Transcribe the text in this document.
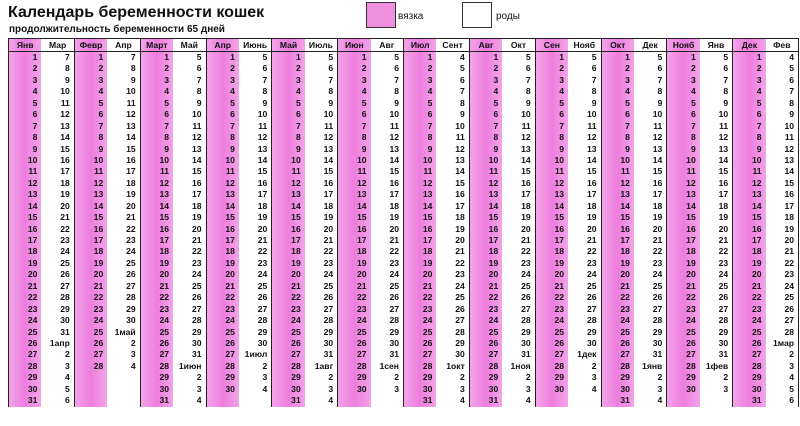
Календарь беременности кошек
продолжительность беременности 65 дней
вязка	роды
Янв
1
2
3
4
5
6
7
8
9
10
11
12
13
14
15
16
17
18
19
20
21
22
23
24
25
26
27
28
29
30
31
Мар
7
8
9
10
11
12
13
14
15
16
17
18
19
20
21
22
23
24
25
26
27
28
29
30
31
1апр
2
3
4
5
6
Февр
1
2
3
4
5
6
7
8
9
10
11
12
13
14
15
16
17
18
19
20
21
22
23
24
25
26
27
28
Апр
7
8
9
10
11
12
13
14
15
16
17
18
19
20
21
22
23
24
25
26
27
28
29
30
1май
2
3
4
Март
1
2
3
4
5
6
7
8
9
10
11
12
13
14
15
16
17
18
19
20
21
22
23
24
25
26
27
28
29
30
31
Май
5
6
7
8
9
10
11
12
13
14
15
16
17
18
19
20
21
22
23
24
25
26
27
28
29
30
31
1июн
2
3
4
Апр
1
2
3
4
5
6
7
8
9
10
11
12
13
14
15
16
17
18
19
20
21
22
23
24
25
26
27
28
29
30
Июнь
5
6
7
8
9
10
11
12
13
14
15
16
17
18
19
20
21
22
23
24
25
26
27
28
29
30
1июл
2
3
4
Май
1
2
3
4
5
6
7
8
9
10
11
12
13
14
15
16
17
18
19
20
21
22
23
24
25
26
27
28
29
30
31
Июль
5
6
7
8
9
10
11
12
13
14
15
16
17
18
19
20
21
22
23
24
25
26
27
28
29
30
31
1авг
2
3
4
Июн
1
2
3
4
5
6
7
8
9
10
11
12
13
14
15
16
17
18
19
20
21
22
23
24
25
26
27
28
29
30
Авг
5
6
7
8
9
10
11
12
13
14
15
16
17
18
19
20
21
22
23
24
25
26
27
28
29
30
31
1сен
2
3
Июл
1
2
3
4
5
6
7
8
9
10
11
12
13
14
15
16
17
18
19
20
21
22
23
24
25
26
27
28
29
30
31
Сент
4
5
6
7
8
9
10
11
12
13
14
15
16
17
18
19
20
21
22
23
24
25
26
27
28
29
30
1окт
2
3
4
Авг
1
2
3
4
5
6
7
8
9
10
11
12
13
14
15
16
17
18
19
20
21
22
23
24
25
26
27
28
29
30
31
Окт
5
6
7
8
9
10
11
12
13
14
15
16
17
18
19
20
21
22
23
24
25
26
27
28
29
30
31
1ноя
2
3
4
Сен
1
2
3
4
5
6
7
8
9
10
11
12
13
14
15
16
17
18
19
20
21
22
23
24
25
26
27
28
29
30
Нояб
5
6
7
8
9
10
11
12
13
14
15
16
17
18
19
20
21
22
23
24
25
26
27
28
29
30
1дек
2
3
4
Окт
1
2
3
4
5
6
7
8
9
10
11
12
13
14
15
16
17
18
19
20
21
22
23
24
25
26
27
28
29
30
31
Дек
5
6
7
8
9
10
11
12
13
14
15
16
17
18
19
20
21
22
23
24
25
26
27
28
29
30
31
1янв
2
3
4
Нояб
1
2
3
4
5
6
7
8
9
10
11
12
13
14
15
16
17
18
19
20
21
22
23
24
25
26
27
28
29
30
Янв
5
6
7
8
9
10
11
12
13
14
15
16
17
18
19
20
21
22
23
24
25
26
27
28
29
30
31
1фев
2
3
Дек
1
2
3
4
5
6
7
8
9
10
11
12
13
14
15
16
17
18
19
20
21
22
23
24
25
26
27
28
29
30
31
Фев
4
5
6
7
8
9
10
11
12
13
14
15
16
17
18
19
20
21
22
23
24
25
26
27
28
1мар
2
3
4
5
6
